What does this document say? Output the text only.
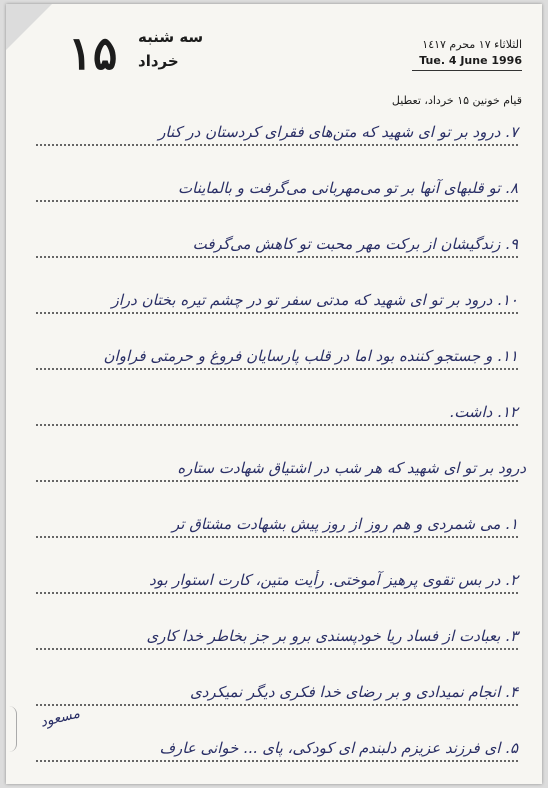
۱۵ سه شنبه
خرداد
الثلاثاء ١٧ محرم ١٤١٧
Tue. 4 June 1996
قیام خونین ۱۵ خرداد، تعطیل
۷. درود بر تو ای شهید که متن‌های فقرای کردستان در کنار
۸. تو قلبهای آنها بر تو می‌مهربانی می‌گرفت و بالماینات
۹. زندگیشان از برکت مهر محبت تو کاهش می‌گرفت
۱۰. درود بر تو ای شهید که مدتی سفر تو در چشم تیره بختان دراز
۱۱. و جستجو کننده بود اما در قلب پارسایان فروغ و حرمتی فراوان
۱۲. داشت.
درود بر تو ای شهید که هر شب در اشتیاق شهادت ستاره
۱. می شمردی و هم روز از روز پیش بشهادت مشتاق تر
۲. در بس تقوی پرهیز آموختی. رأیت متین، کارت استوار بود
۳. بعبادت از فساد ریا خودپسندی برو بر جز بخاطر خدا کاری
۴. انجام نمیدادی و بر رضای خدا فکری دیگر نمیکردی
۵. ای فرزند عزیزم دلبندم ای کودکی، پای ... خوانی عارف
مسعود
